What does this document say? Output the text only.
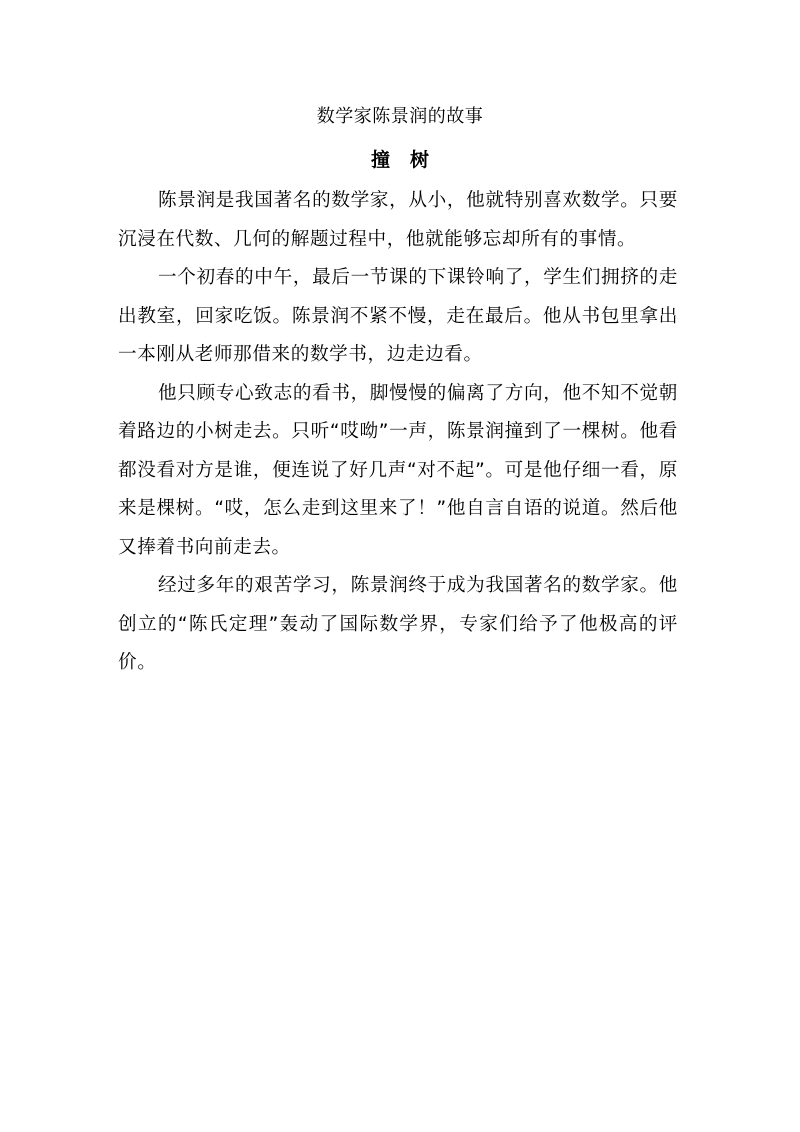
数学家陈景润的故事
撞树

陈景润是我国著名的数学家，从小，他就特别喜欢数学。只要沉浸在代数、几何的解题过程中，他就能够忘却所有的事情。

一个初春的中午，最后一节课的下课铃响了，学生们拥挤的走出教室，回家吃饭。陈景润不紧不慢，走在最后。他从书包里拿出一本刚从老师那借来的数学书，边走边看。

他只顾专心致志的看书，脚慢慢的偏离了方向，他不知不觉朝着路边的小树走去。只听“哎呦”一声，陈景润撞到了一棵树。他看都没看对方是谁，便连说了好几声“对不起”。可是他仔细一看，原来是棵树。“哎，怎么走到这里来了！”他自言自语的说道。然后他又捧着书向前走去。

经过多年的艰苦学习，陈景润终于成为我国著名的数学家。他创立的“陈氏定理”轰动了国际数学界，专家们给予了他极高的评价。
